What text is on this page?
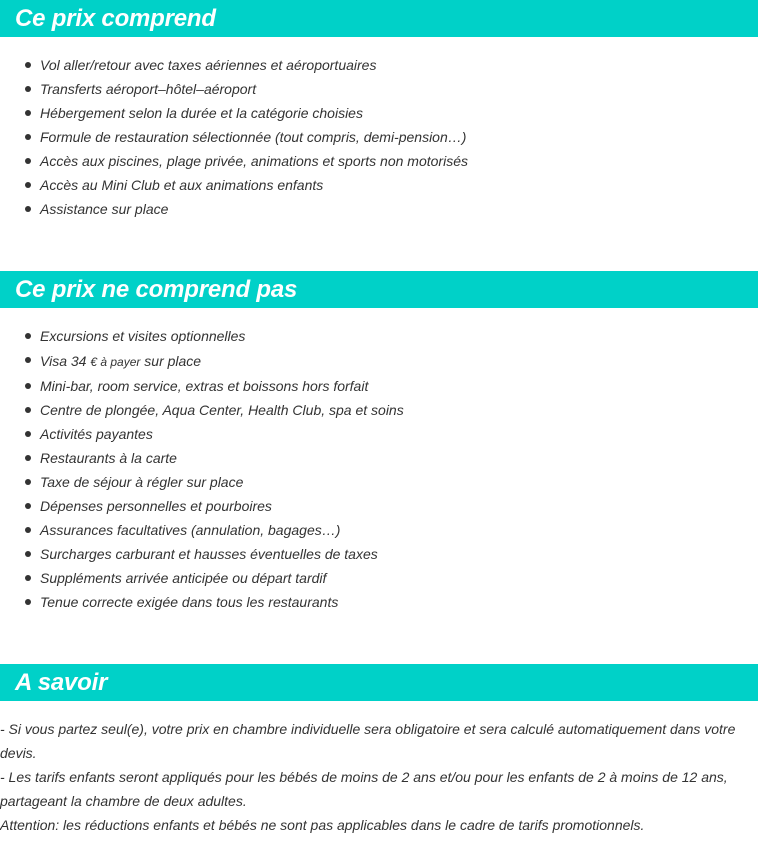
Ce prix comprend
Vol aller/retour avec taxes aériennes et aéroportuaires
Transferts aéroport–hôtel–aéroport
Hébergement selon la durée et la catégorie choisies
Formule de restauration sélectionnée (tout compris, demi-pension…)
Accès aux piscines, plage privée, animations et sports non motorisés
Accès au Mini Club et aux animations enfants
Assistance sur place
Ce prix ne comprend pas
Excursions et visites optionnelles
Visa 34 € à payer sur place
Mini-bar, room service, extras et boissons hors forfait
Centre de plongée, Aqua Center, Health Club, spa et soins
Activités payantes
Restaurants à la carte
Taxe de séjour à régler sur place
Dépenses personnelles et pourboires
Assurances facultatives (annulation, bagages…)
Surcharges carburant et hausses éventuelles de taxes
Suppléments arrivée anticipée ou départ tardif
Tenue correcte exigée dans tous les restaurants
A savoir

- Si vous partez seul(e), votre prix en chambre individuelle sera obligatoire et sera calculé automatiquement dans votre devis.

- Les tarifs enfants seront appliqués pour les bébés de moins de 2 ans et/ou pour les enfants de 2 à moins de 12 ans, partageant la chambre de deux adultes.

Attention: les réductions enfants et bébés ne sont pas applicables dans le cadre de tarifs promotionnels.
